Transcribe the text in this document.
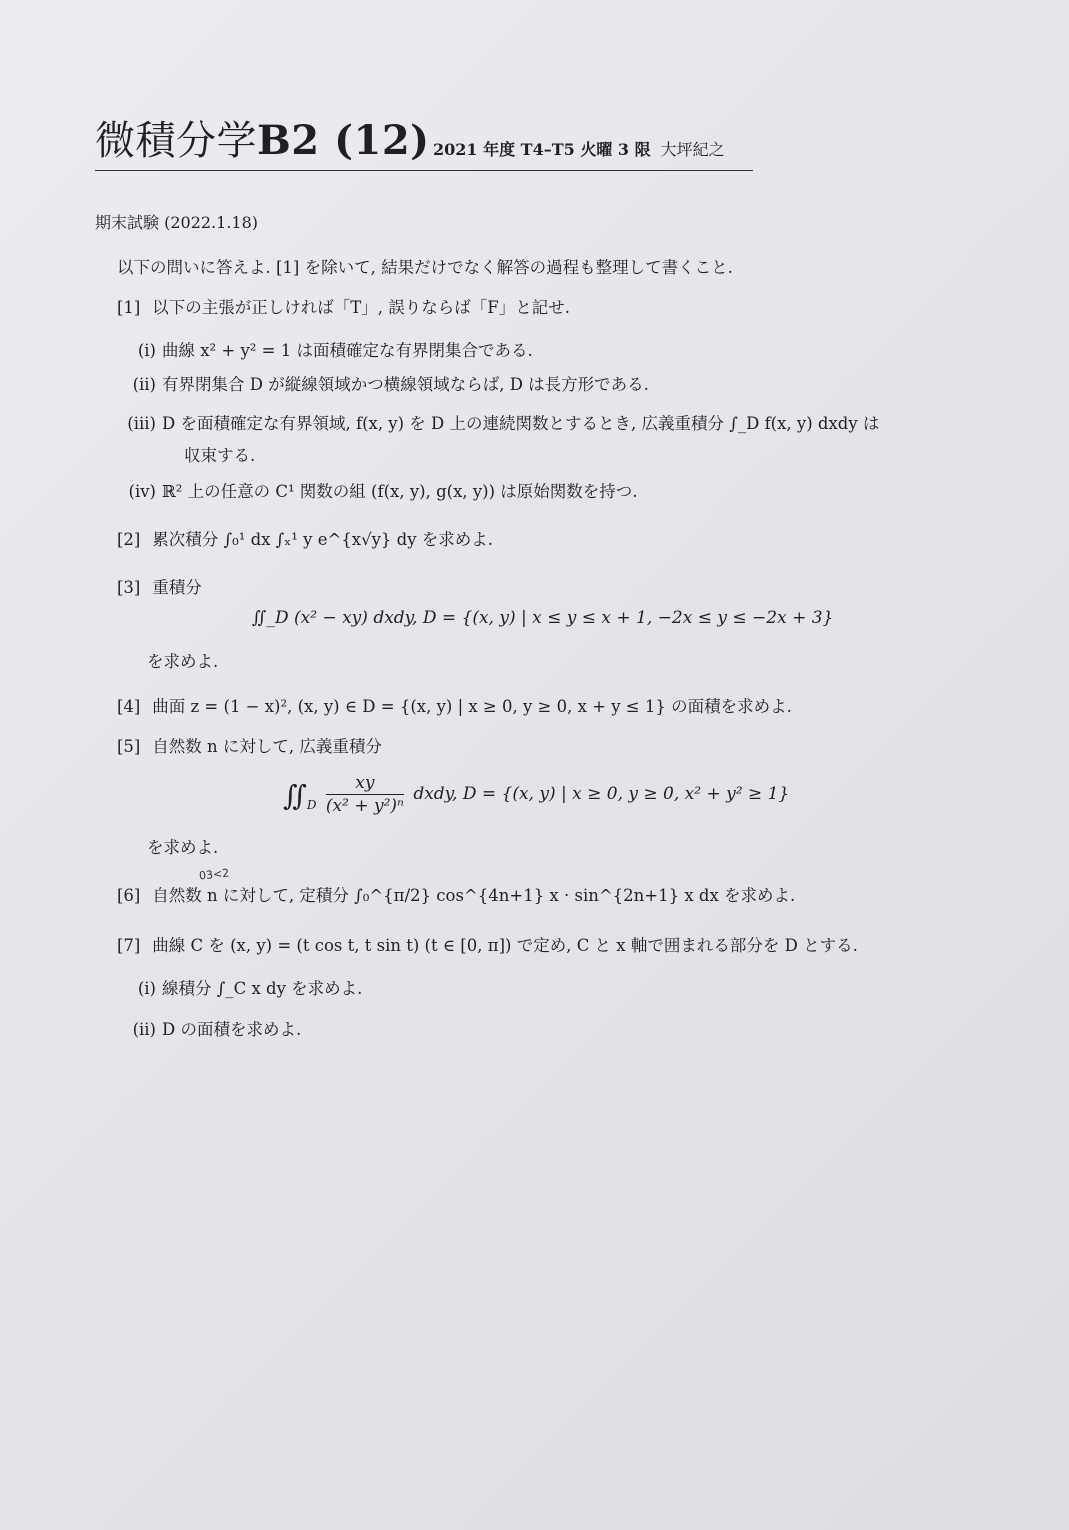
微積分学B2 (12) 2021 年度 T4–T5 火曜 3 限 大坪紀之
期末試験 (2022.1.18)
以下の問いに答えよ. [1] を除いて, 結果だけでなく解答の過程も整理して書くこと.
[1] 以下の主張が正しければ「T」, 誤りならば「F」と記せ.
(i) 曲線 x² + y² = 1 は面積確定な有界閉集合である.
(ii) 有界閉集合 D が縦線領域かつ横線領域ならば, D は長方形である.
(iii) D を面積確定な有界領域, f(x, y) を D 上の連続関数とするとき, 広義重積分 ∫_D f(x, y) dxdy は
収束する.
(iv) ℝ² 上の任意の C¹ 関数の組 (f(x, y), g(x, y)) は原始関数を持つ.
[2] 累次積分 ∫₀¹ dx ∫ₓ¹ y e^{x√y} dy を求めよ.
[3] 重積分
∬_D (x² − xy) dxdy, D = {(x, y) | x ≤ y ≤ x + 1, −2x ≤ y ≤ −2x + 3}
を求めよ.
[4] 曲面 z = (1 − x)², (x, y) ∈ D = {(x, y) | x ≥ 0, y ≥ 0, x + y ≤ 1} の面積を求めよ.
[5] 自然数 n に対して, 広義重積分
$∬_D \frac{xy}{\text{(x² + y²)ⁿ}}$ dxdy, D = {(x, y) | x ≥ 0, y ≥ 0, x² + y² ≥ 1}
を求めよ.
03<2
[6] 自然数 n に対して, 定積分 ∫₀^{π/2} cos^{4n+1} x · sin^{2n+1} x dx を求めよ.
[7] 曲線 C を (x, y) = (t cos t, t sin t) (t ∈ [0, π]) で定め, C と x 軸で囲まれる部分を D とする.
(i) 線積分 ∫_C x dy を求めよ.
(ii) D の面積を求めよ.
